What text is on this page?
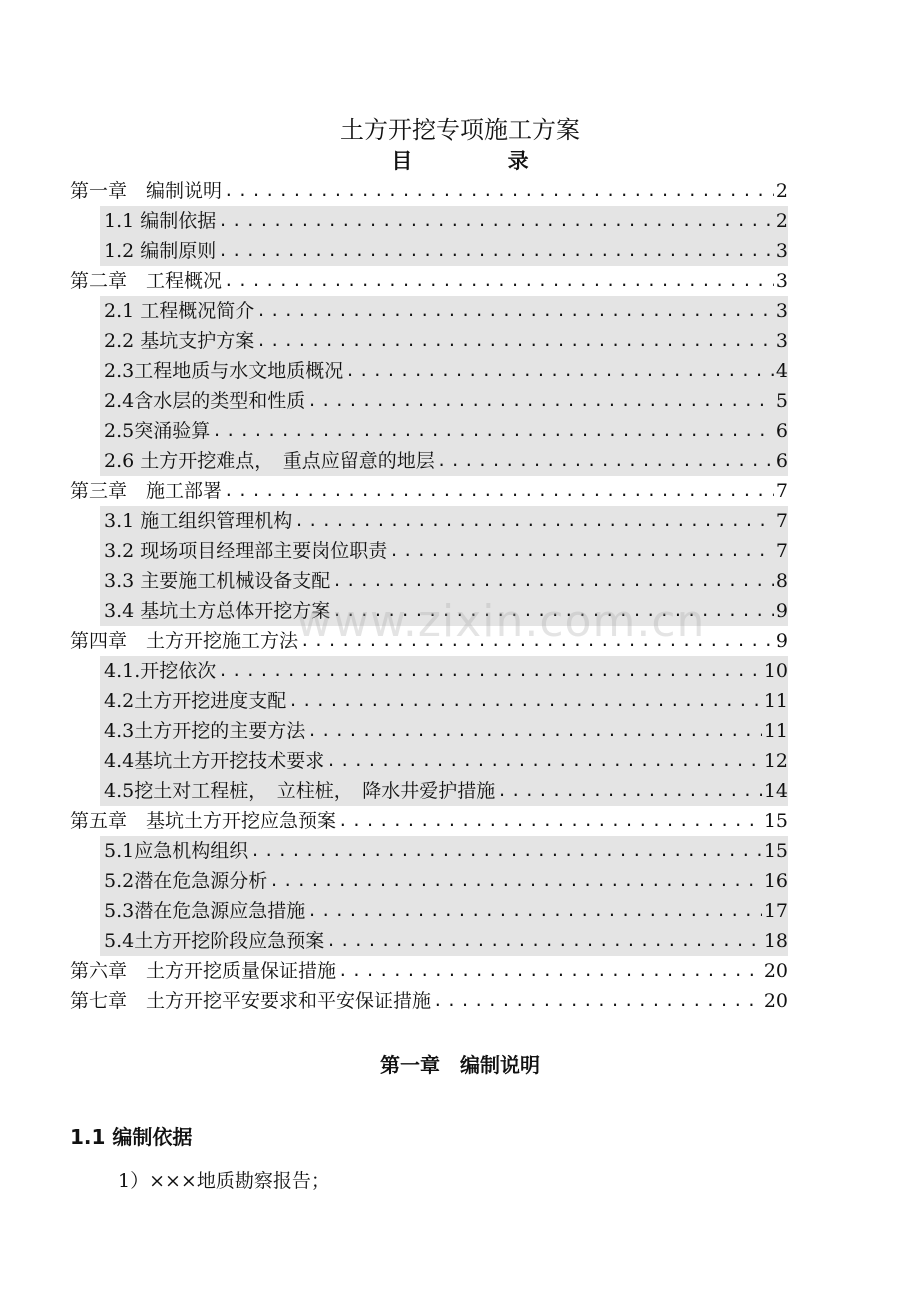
土方开挖专项施工方案
目 录
第一章　编制说明 .....	2
1.1 编制依据 .....	2
1.2 编制原则 .....	3
第二章　工程概况 .....	3
2.1 工程概况简介 .....	3
2.2 基坑支护方案 .....	3
2.3工程地质与水文地质概况 .....	4
2.4含水层的类型和性质 .....	5
2.5突涌验算 .....	6
2.6 土方开挖难点，　重点应留意的地层 .....	6
第三章　施工部署 .....	7
3.1 施工组织管理机构 .....	7
3.2 现场项目经理部主要岗位职责 .....	7
3.3 主要施工机械设备支配 .....	8
3.4 基坑土方总体开挖方案 .....	9
第四章　土方开挖施工方法 .....	9
4.1.开挖依次 .....	10
4.2土方开挖进度支配 .....	11
4.3土方开挖的主要方法 .....	11
4.4基坑土方开挖技术要求 .....	12
4.5挖土对工程桩，　立柱桩，　降水井爱护措施 .....	14
第五章　基坑土方开挖应急预案 .....	15
5.1应急机构组织 .....	15
5.2潜在危急源分析 .....	16
5.3潜在危急源应急措施 .....	17
5.4土方开挖阶段应急预案 .....	18
第六章　土方开挖质量保证措施 .....	20
第七章　土方开挖平安要求和平安保证措施 .....	20
www.zixin.com.cn
第一章　编制说明
1.1 编制依据
1）×××地质勘察报告；
